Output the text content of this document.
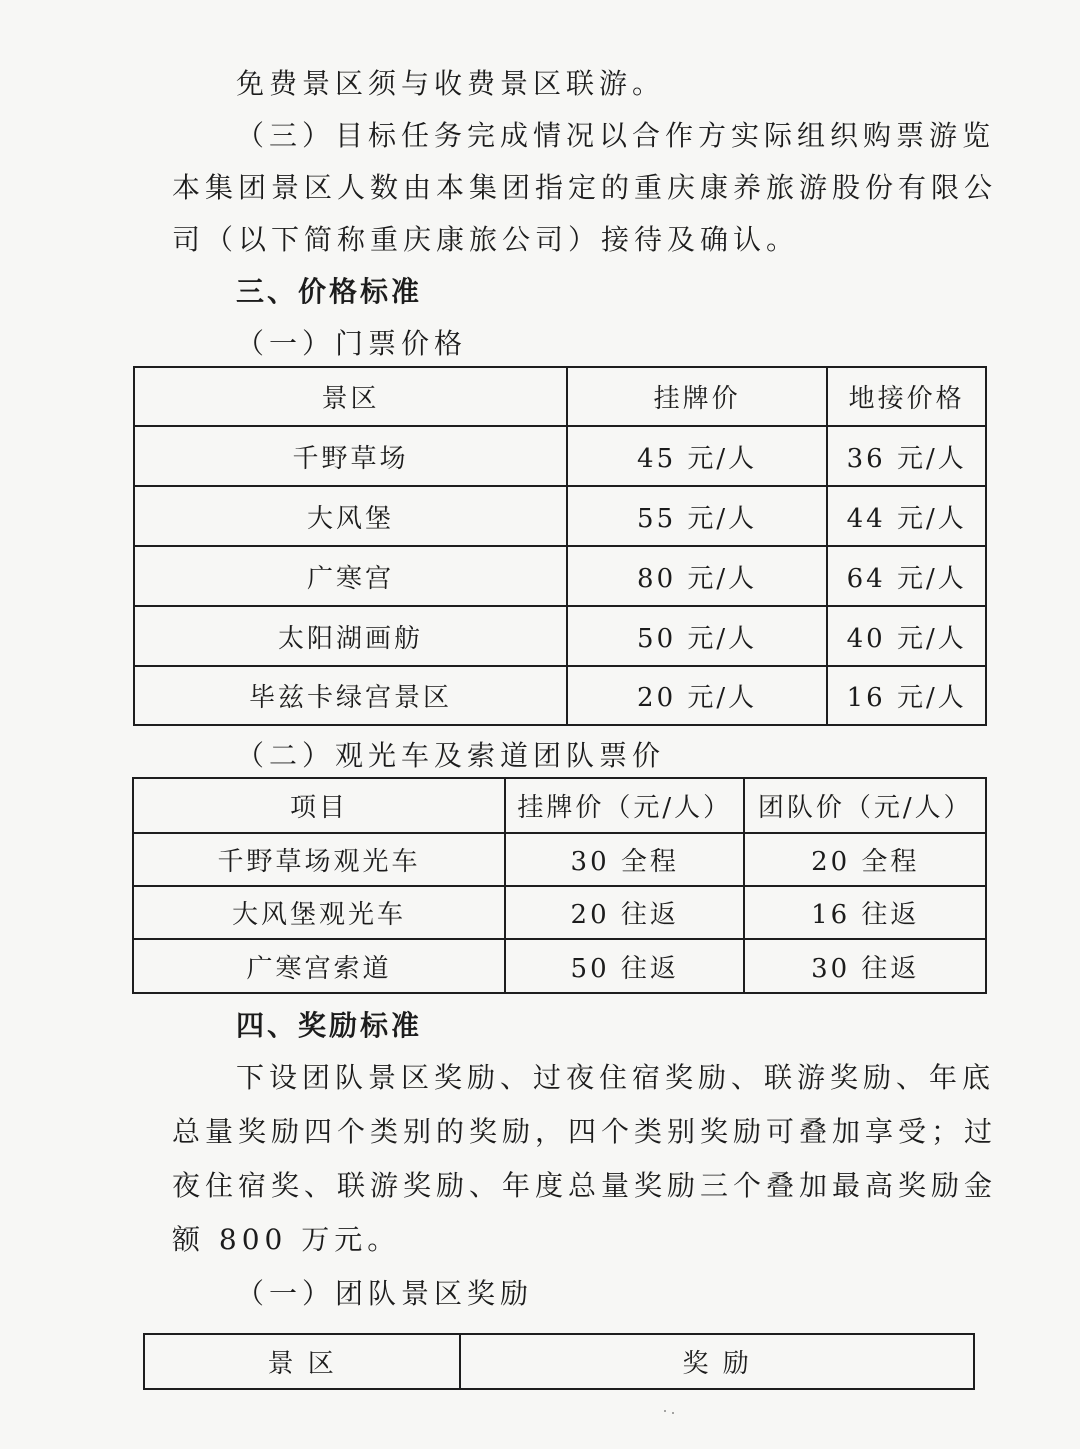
免费景区须与收费景区联游。
（三）目标任务完成情况以合作方实际组织购票游览
本集团景区人数由本集团指定的重庆康养旅游股份有限公
司（以下简称重庆康旅公司）接待及确认。
三、价格标准
（一）门票价格
景区	挂牌价	地接价格
千野草场	45 元/人	36 元/人
大风堡	55 元/人	44 元/人
广寒宫	80 元/人	64 元/人
太阳湖画舫	50 元/人	40 元/人
毕兹卡绿宫景区	20 元/人	16 元/人
（二）观光车及索道团队票价
项目	挂牌价（元/人）	团队价（元/人）
千野草场观光车	30 全程	20 全程
大风堡观光车	20 往返	16 往返
广寒宫索道	50 往返	30 往返
四、奖励标准
下设团队景区奖励、过夜住宿奖励、联游奖励、年底
总量奖励四个类别的奖励，四个类别奖励可叠加享受；过
夜住宿奖、联游奖励、年度总量奖励三个叠加最高奖励金
额 800 万元。
（一）团队景区奖励
景 区	奖 励
